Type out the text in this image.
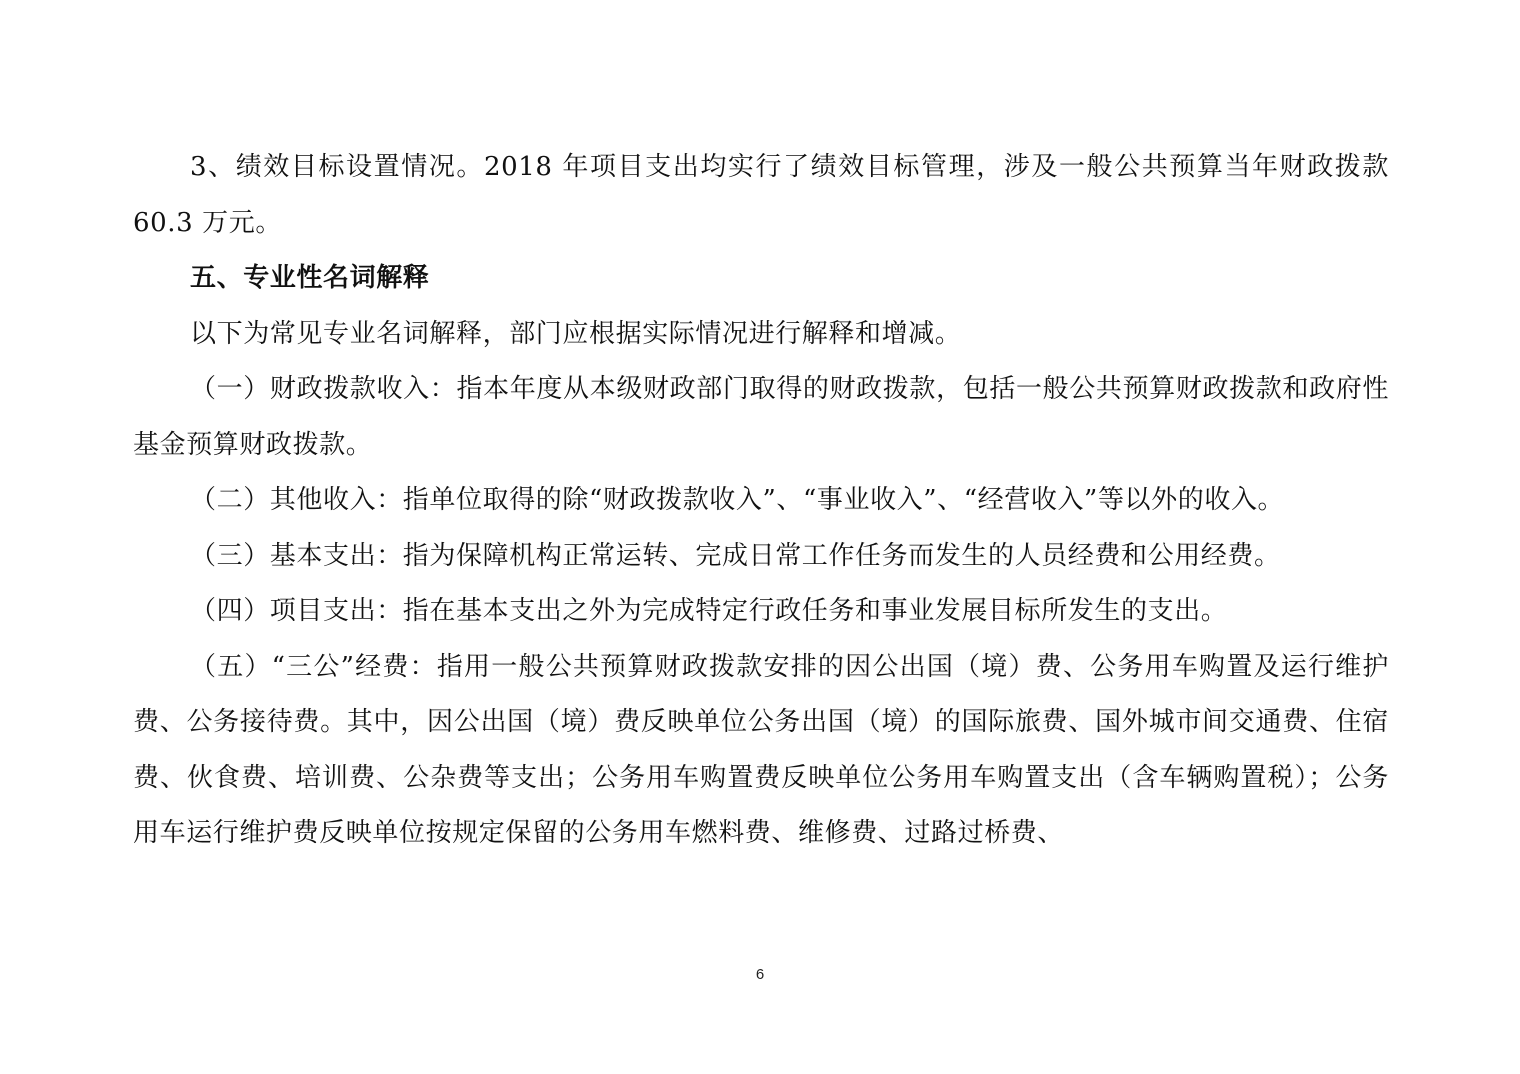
3、绩效目标设置情况。2018 年项目支出均实行了绩效目标管理，涉及一般公共预算当年财政拨款 60.3 万元。

五、专业性名词解释

以下为常见专业名词解释，部门应根据实际情况进行解释和增减。

（一）财政拨款收入：指本年度从本级财政部门取得的财政拨款，包括一般公共预算财政拨款和政府性基金预算财政拨款。

（二）其他收入：指单位取得的除“财政拨款收入”、“事业收入”、“经营收入”等以外的收入。

（三）基本支出：指为保障机构正常运转、完成日常工作任务而发生的人员经费和公用经费。

（四）项目支出：指在基本支出之外为完成特定行政任务和事业发展目标所发生的支出。

（五）“三公”经费：指用一般公共预算财政拨款安排的因公出国（境）费、公务用车购置及运行维护费、公务接待费。其中，因公出国（境）费反映单位公务出国（境）的国际旅费、国外城市间交通费、住宿费、伙食费、培训费、公杂费等支出；公务用车购置费反映单位公务用车购置支出（含车辆购置税）；公务用车运行维护费反映单位按规定保留的公务用车燃料费、维修费、过路过桥费、

6
